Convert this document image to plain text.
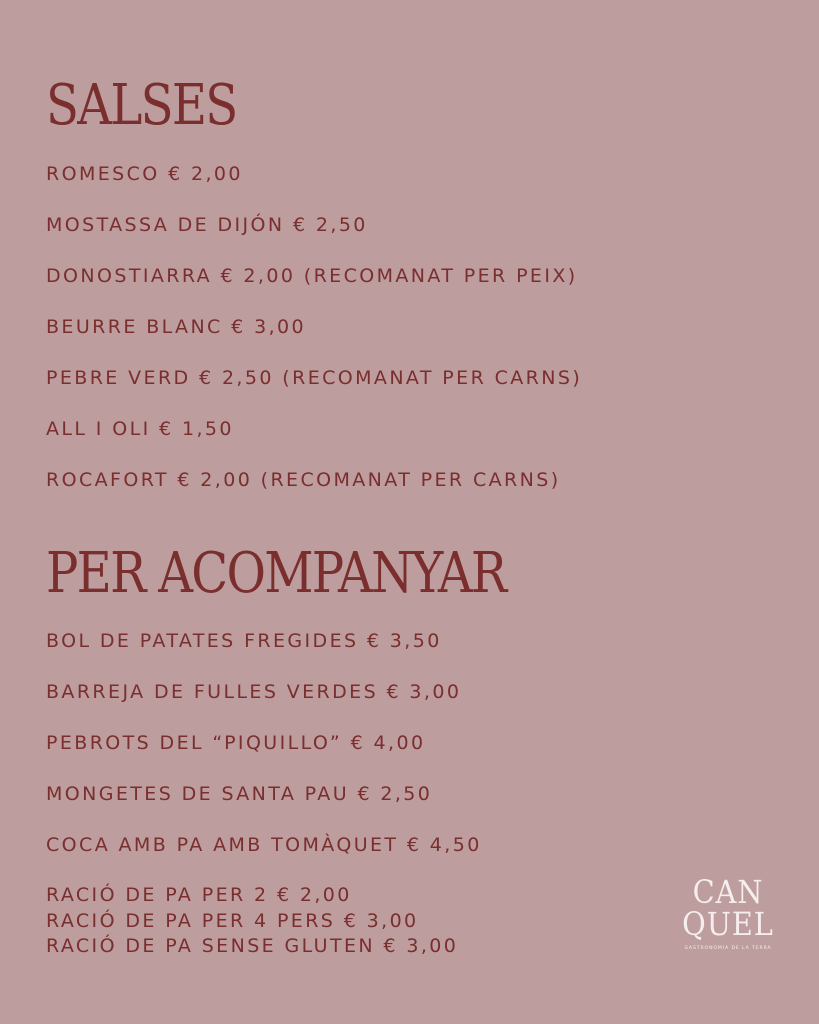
SALSES
ROMESCO € 2,00
MOSTASSA DE DIJÓN € 2,50
DONOSTIARRA € 2,00 (RECOMANAT PER PEIX)
BEURRE BLANC € 3,00
PEBRE VERD € 2,50 (RECOMANAT PER CARNS)
ALL I OLI € 1,50
ROCAFORT € 2,00 (RECOMANAT PER CARNS)
PER ACOMPANYAR
BOL DE PATATES FREGIDES € 3,50
BARREJA DE FULLES VERDES € 3,00
PEBROTS DEL “PIQUILLO” € 4,00
MONGETES DE SANTA PAU € 2,50
COCA AMB PA AMB TOMÀQUET € 4,50
RACIÓ DE PA PER 2 € 2,00
RACIÓ DE PA PER 4 PERS € 3,00
RACIÓ DE PA SENSE GLUTEN € 3,00
CAN
QUEL
GASTRONOMIA DE LA TERRA
